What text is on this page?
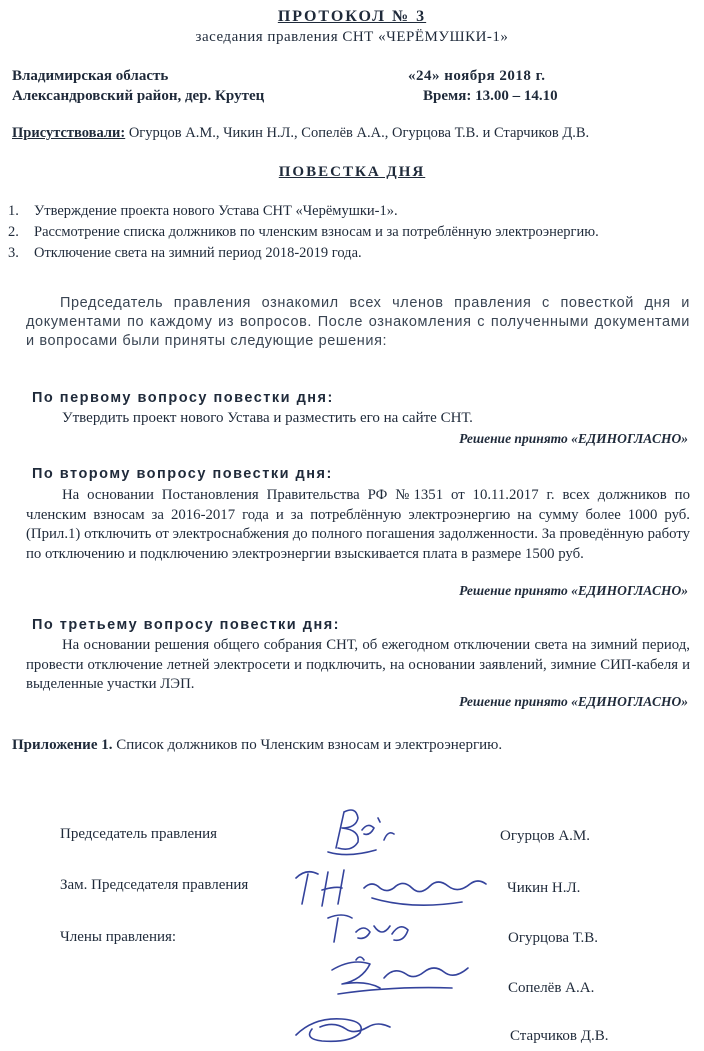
ПРОТОКОЛ № 3
заседания правления СНТ «ЧЕРЁМУШКИ-1»
Владимирская область
Александровский район, дер. Крутец
«24» ноября 2018 г.
Время: 13.00 – 14.10
Присутствовали: Огурцов А.М., Чикин Н.Л., Сопелёв А.А., Огурцова Т.В. и Старчиков Д.В.
ПОВЕСТКА ДНЯ
1. Утверждение проекта нового Устава СНТ «Черёмушки-1».
2. Рассмотрение списка должников по членским взносам и за потреблённую электроэнергию.
3. Отключение света на зимний период 2018-2019 года.
Председатель правления ознакомил всех членов правления с повесткой дня и документами по каждому из вопросов. После ознакомления с полученными документами и вопросами были приняты следующие решения:
По первому вопросу повестки дня:
Утвердить проект нового Устава и разместить его на сайте СНТ.
Решение принято «ЕДИНОГЛАСНО»
По второму вопросу повестки дня:
На основании Постановления Правительства РФ №1351 от 10.11.2017 г. всех должников по членским взносам за 2016-2017 года и за потреблённую электроэнергию на сумму более 1000 руб. (Прил.1) отключить от электроснабжения до полного погашения задолженности. За проведённую работу по отключению и подключению электроэнергии взыскивается плата в размере 1500 руб.
Решение принято «ЕДИНОГЛАСНО»
По третьему вопросу повестки дня:
На основании решения общего собрания СНТ, об ежегодном отключении света на зимний период, провести отключение летней электросети и подключить, на основании заявлений, зимние СИП-кабеля и выделенные участки ЛЭП.
Решение принято «ЕДИНОГЛАСНО»
Приложение 1. Список должников по Членским взносам и электроэнергию.
Председатель правления	Огурцов А.М.
Зам. Председателя правления	Чикин Н.Л.
Члены правления:	Огурцова Т.В.
Сопелёв А.А.
Старчиков Д.В.
